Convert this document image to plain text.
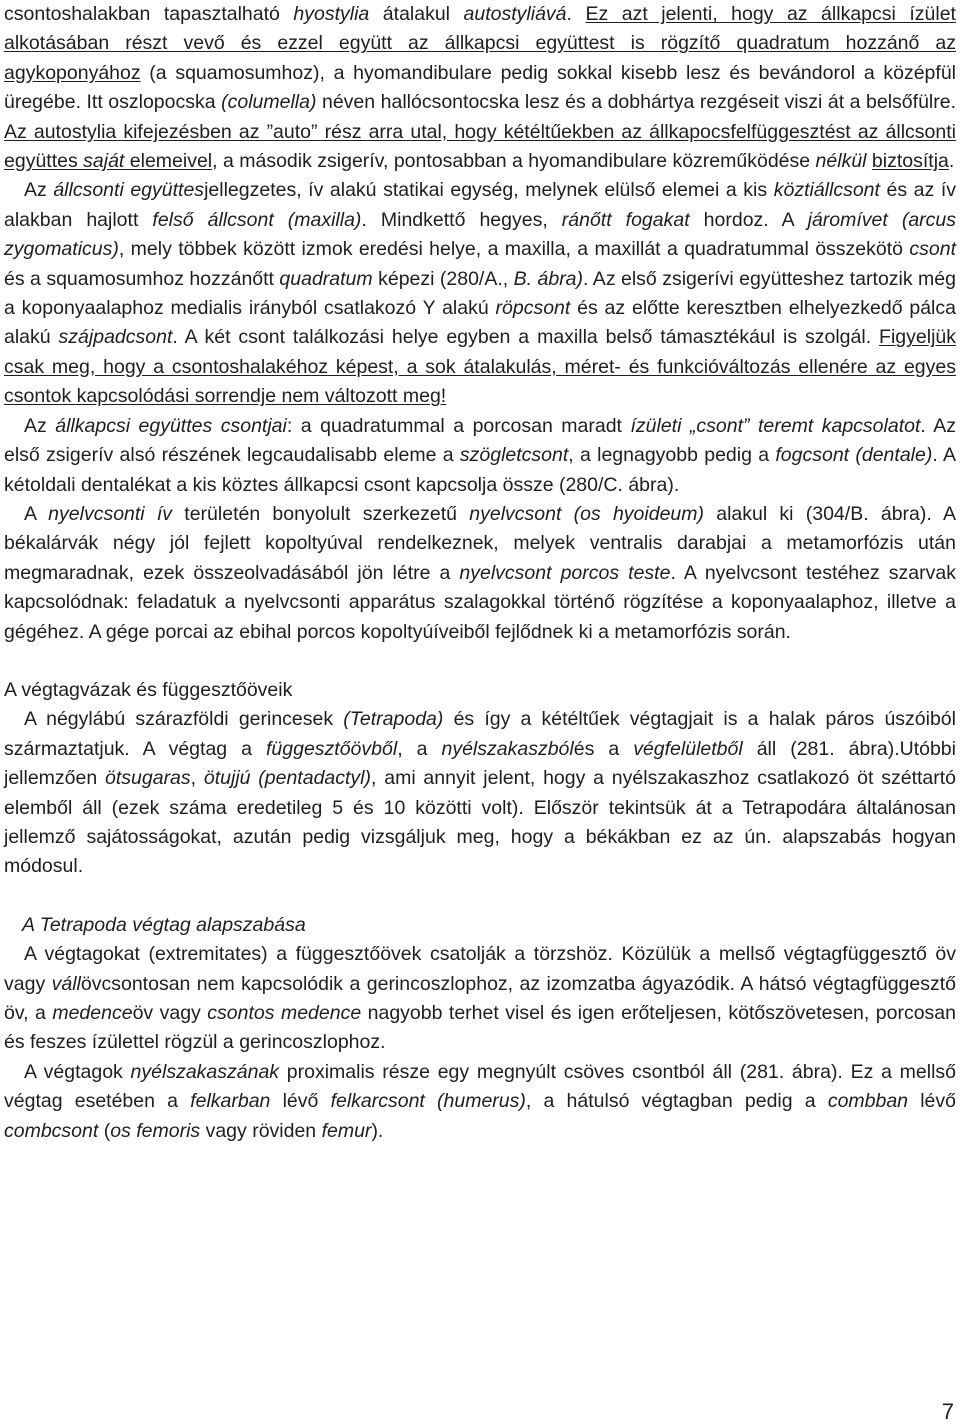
csontoshalakban tapasztalható hyostylia átalakul autostyliává. Ez azt jelenti, hogy az állkapcsi ízület alkotásában részt vevő és ezzel együtt az állkapcsi együttest is rögzítő quadratum hozzánő az agykoponyához (a squamosumhoz), a hyomandibulare pedig sokkal kisebb lesz és bevándorol a középfül üregébe. Itt oszlopocska (columella) néven hallócsontocska lesz és a dobhártya rezgéseit viszi át a belsőfülre. Az autostylia kifejezésben az ”auto” rész arra utal, hogy kétéltűekben az állkapocsfelfüggesztést az állcsonti együttes saját elemeivel, a második zsigerív, pontosabban a hyomandibulare közreműködése nélkül biztosítja.

Az állcsonti együttesjellegzetes, ív alakú statikai egység, melynek elülső elemei a kis köztiállcsont és az ív alakban hajlott felső állcsont (maxilla). Mindkettő hegyes, ránőtt fogakat hordoz. A járomívet (arcus zygomaticus), mely többek között izmok eredési helye, a maxilla, a maxillát a quadratummal összekötö csont és a squamosumhoz hozzánőtt quadratum képezi (280/A., B. ábra). Az első zsigerívi együtteshez tartozik még a koponyaalaphoz medialis irányból csatlakozó Y alakú röpcsont és az előtte keresztben elhelyezkedő pálca alakú szájpadcsont. A két csont találkozási helye egyben a maxilla belső támasztékául is szolgál. Figyeljük csak meg, hogy a csontoshalakéhoz képest, a sok átalakulás, méret- és funkcióváltozás ellenére az egyes csontok kapcsolódási sorrendje nem változott meg!

Az állkapcsi együttes csontjai: a quadratummal a porcosan maradt ízületi „csont” teremt kapcsolatot. Az első zsigerív alsó részének legcaudalisabb eleme a szögletcsont, a legnagyobb pedig a fogcsont (dentale). A kétoldali dentalékat a kis köztes állkapcsi csont kapcsolja össze (280/C. ábra).

A nyelvcsonti ív területén bonyolult szerkezetű nyelvcsont (os hyoideum) alakul ki (304/B. ábra). A békalárvák négy jól fejlett kopoltyúval rendelkeznek, melyek ventralis darabjai a metamorfózis után megmaradnak, ezek összeolvadásából jön létre a nyelvcsont porcos teste. A nyelvcsont testéhez szarvak kapcsolódnak: feladatuk a nyelvcsonti apparátus szalagokkal történő rögzítése a koponyaalaphoz, illetve a gégéhez. A gége porcai az ebihal porcos kopoltyúíveiből fejlődnek ki a metamorfózis során.

A végtagvázak és függesztőöveik

A négylábú szárazföldi gerincesek (Tetrapoda) és így a kétéltűek végtagjait is a halak páros úszóiból származtatjuk. A végtag a függesztőövből, a nyélszakaszbólés a végfelületből áll (281. ábra).Utóbbi jellemzően ötsugaras, ötujjú (pentadactyl), ami annyit jelent, hogy a nyélszakaszhoz csatlakozó öt széttartó elemből áll (ezek száma eredetileg 5 és 10 közötti volt). Először tekintsük át a Tetrapodára általánosan jellemző sajátosságokat, azután pedig vizsgáljuk meg, hogy a békákban ez az ún. alapszabás hogyan módosul.

A Tetrapoda végtag alapszabása

A végtagokat (extremitates) a függesztőövek csatolják a törzshöz. Közülük a mellső végtagfüggesztő öv vagy vállövcsontosan nem kapcsolódik a gerincoszlophoz, az izomzatba ágyazódik. A hátsó végtagfüggesztő öv, a medenceöv vagy csontos medence nagyobb terhet visel és igen erőteljesen, kötőszövetesen, porcosan és feszes ízülettel rögzül a gerincoszlophoz.

A végtagok nyélszakaszának proximalis része egy megnyúlt csöves csontból áll (281. ábra). Ez a mellső végtag esetében a felkarban lévő felkarcsont (humerus), a hátulsó végtagban pedig a combban lévő combcsont (os femoris vagy röviden femur).

7
